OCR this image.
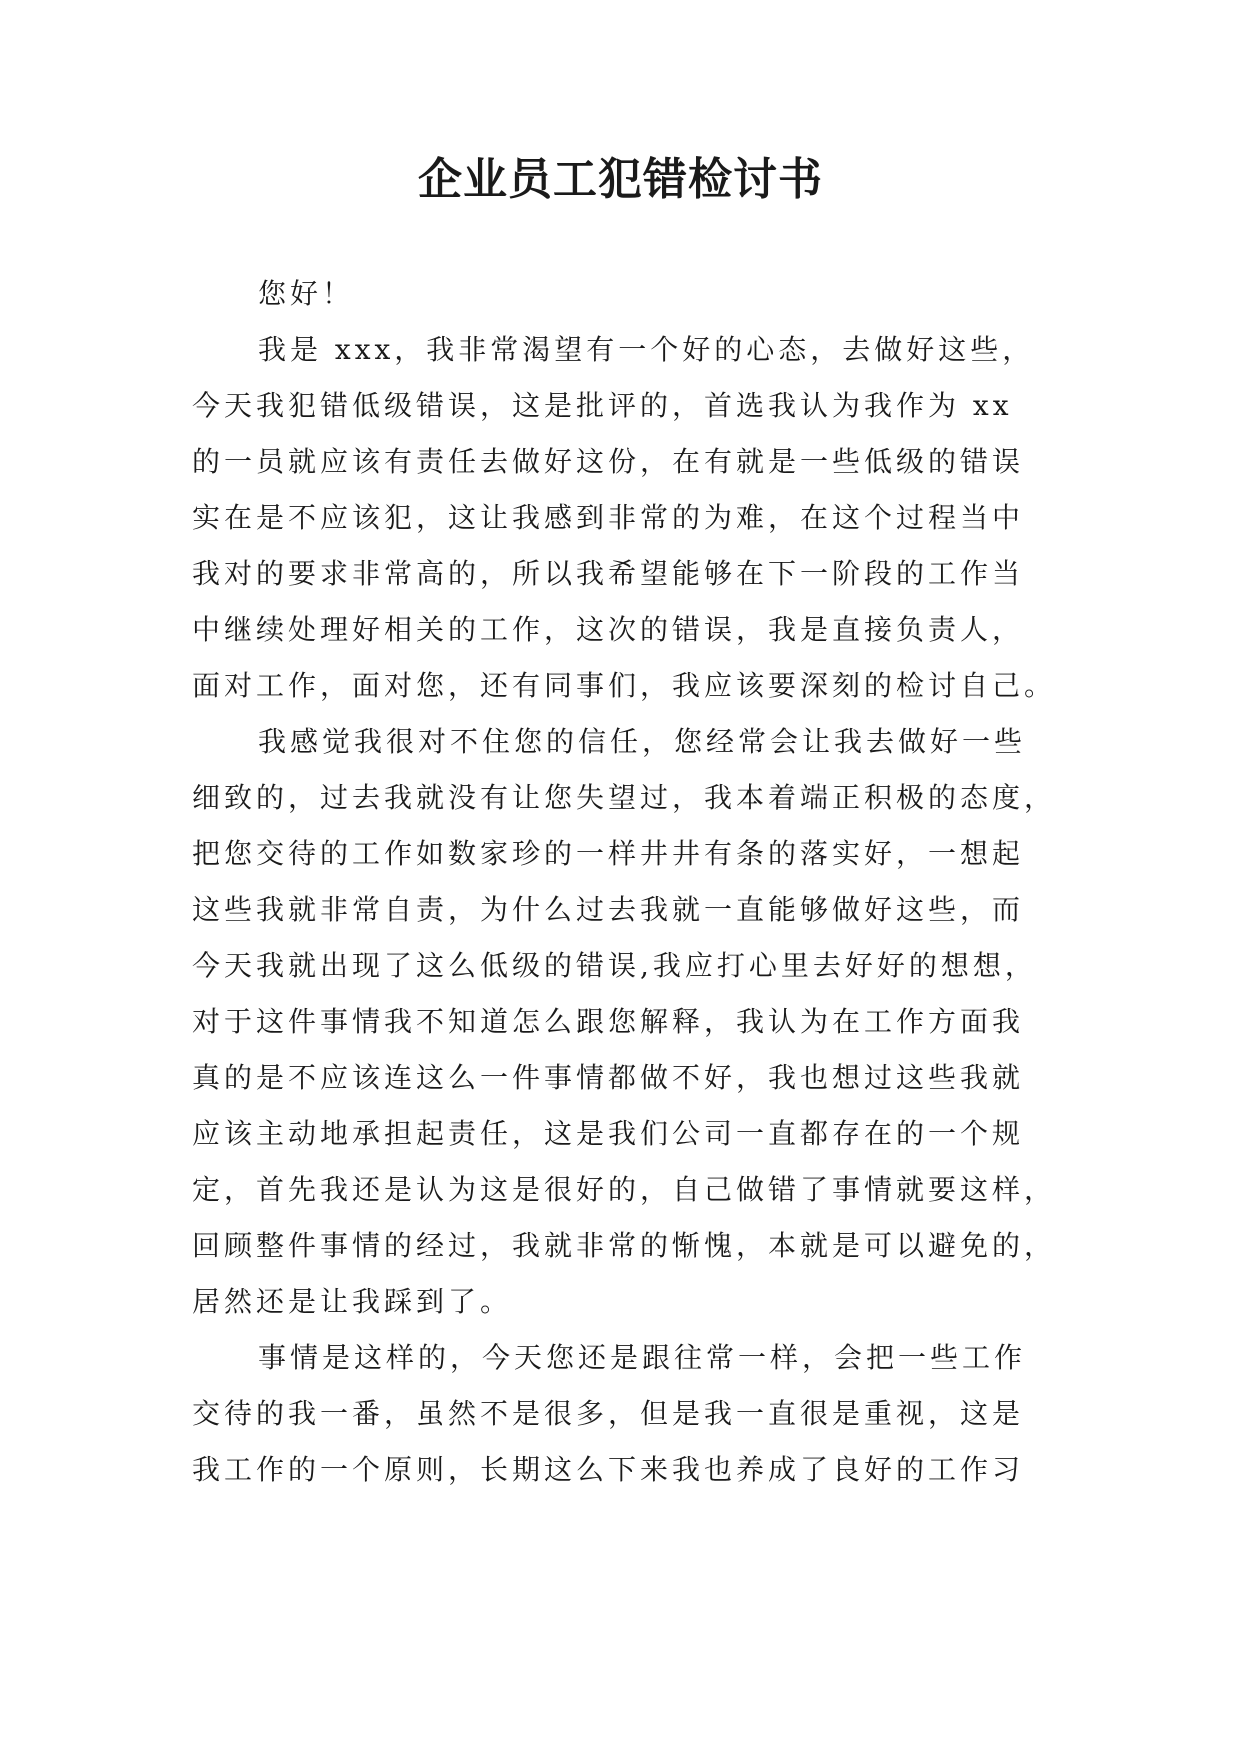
企业员工犯错检讨书
您好！
我是 xxx，我非常渴望有一个好的心态，去做好这些，
今天我犯错低级错误，这是批评的，首选我认为我作为 xx
的一员就应该有责任去做好这份，在有就是一些低级的错误
实在是不应该犯，这让我感到非常的为难，在这个过程当中
我对的要求非常高的，所以我希望能够在下一阶段的工作当
中继续处理好相关的工作，这次的错误，我是直接负责人，
面对工作，面对您，还有同事们，我应该要深刻的检讨自己。
我感觉我很对不住您的信任，您经常会让我去做好一些
细致的，过去我就没有让您失望过，我本着端正积极的态度，
把您交待的工作如数家珍的一样井井有条的落实好，一想起
这些我就非常自责，为什么过去我就一直能够做好这些，而
今天我就出现了这么低级的错误,我应打心里去好好的想想，
对于这件事情我不知道怎么跟您解释，我认为在工作方面我
真的是不应该连这么一件事情都做不好，我也想过这些我就
应该主动地承担起责任，这是我们公司一直都存在的一个规
定，首先我还是认为这是很好的，自己做错了事情就要这样，
回顾整件事情的经过，我就非常的惭愧，本就是可以避免的，
居然还是让我踩到了。
事情是这样的，今天您还是跟往常一样，会把一些工作
交待的我一番，虽然不是很多，但是我一直很是重视，这是
我工作的一个原则，长期这么下来我也养成了良好的工作习
